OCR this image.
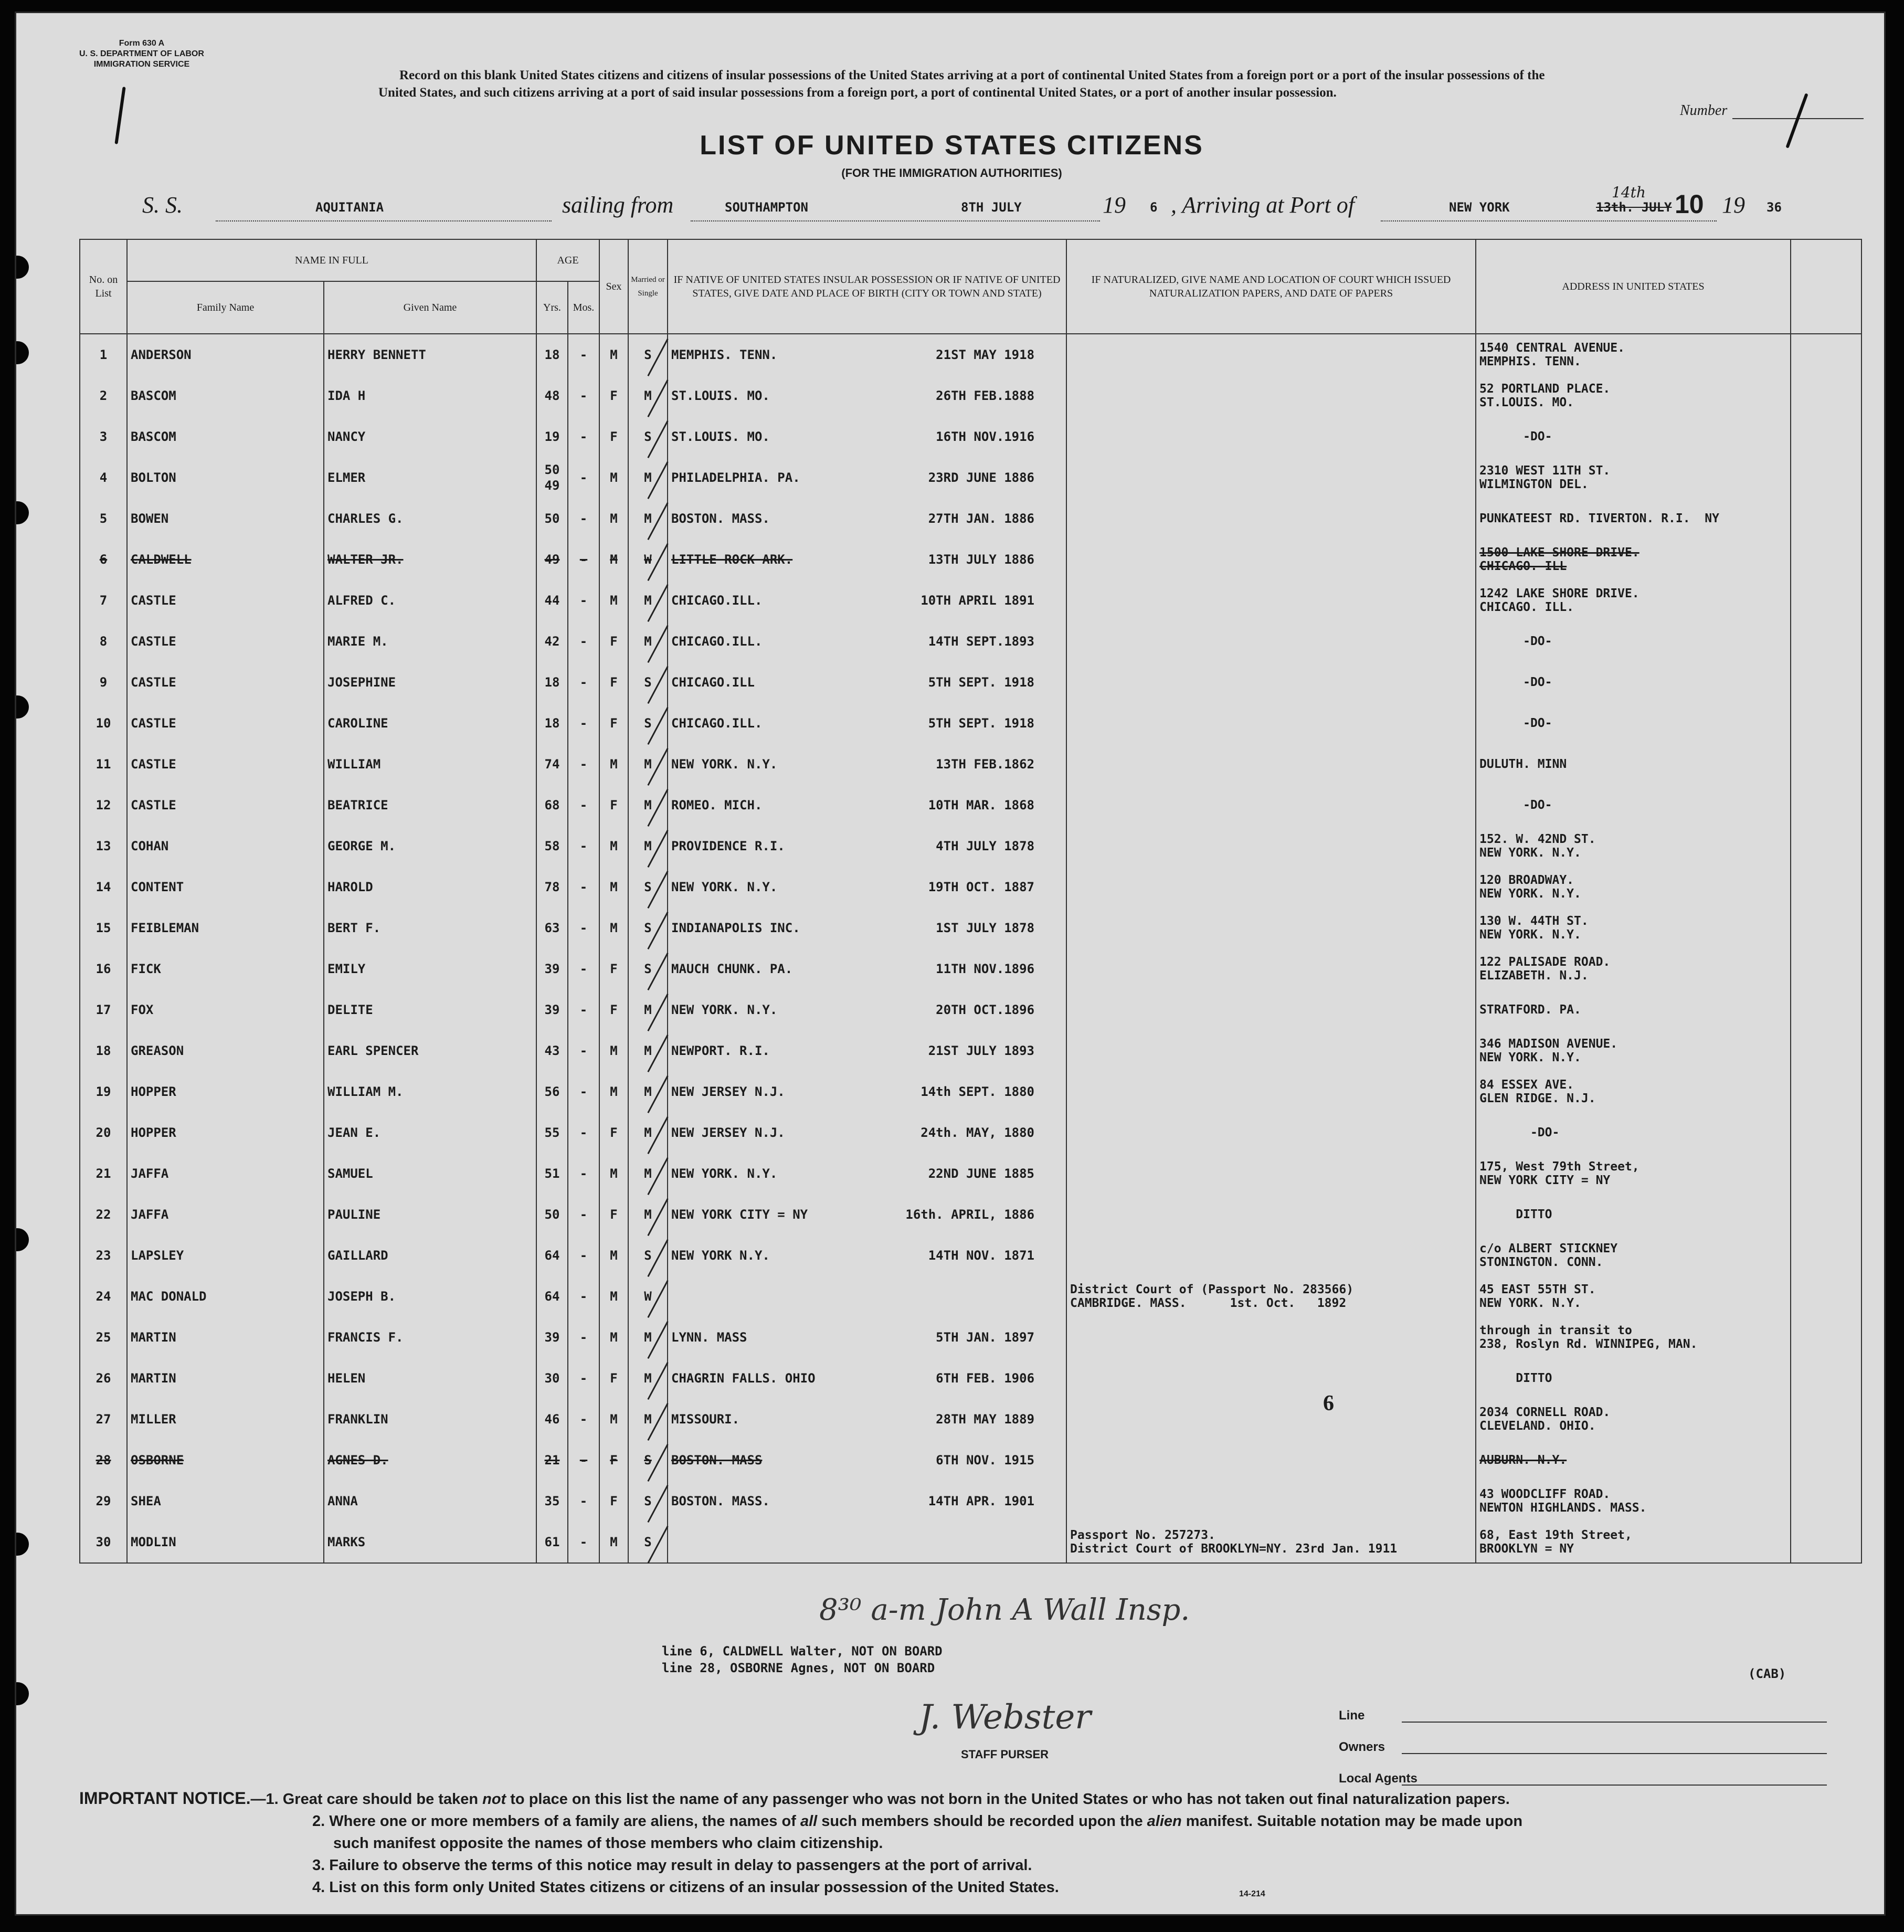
Form 630 A
U. S. DEPARTMENT OF LABOR
IMMIGRATION SERVICE
Record on this blank United States citizens and citizens of insular possessions of the United States arriving at a port of continental United States from a foreign port or a port of the insular possessions of the United States, and such citizens arriving at a port of said insular possessions from a foreign port, a port of continental United States, or a port of another insular possession.
Number
LIST OF UNITED STATES CITIZENS
(FOR THE IMMIGRATION AUTHORITIES)
S. S.	AQUITANIA	sailing from	SOUTHAMPTON	8TH JULY	19 6 , Arriving at Port of	NEW YORK	13th. JULY
14th 10 19 36
No. on List	NAME IN FULL		AGE		Sex	Married or Single	IF NATIVE OF UNITED STATES INSULAR POSSESSION OR IF NATIVE OF UNITED STATES, GIVE DATE AND PLACE OF BIRTH (CITY OR TOWN AND STATE)	IF NATURALIZED, GIVE NAME AND LOCATION OF COURT WHICH ISSUED NATURALIZATION PAPERS, AND DATE OF PAPERS	ADDRESS IN UNITED STATES	
	Family Name	Given Name	Yrs.	Mos.						
1	ANDERSON	HERRY BENNETT	18	-	M	S	MEMPHIS. TENN. 21ST MAY 1918		1540 CENTRAL AVENUE.
MEMPHIS. TENN.	
2	BASCOM	IDA H	48	-	F	M	ST.LOUIS. MO. 26TH FEB.1888		52 PORTLAND PLACE.
ST.LOUIS. MO.	
3	BASCOM	NANCY	19	-	F	S	ST.LOUIS. MO. 16TH NOV.1916		-DO-	
4	BOLTON	ELMER	50
49	-	M	M	PHILADELPHIA. PA. 23RD JUNE 1886		2310 WEST 11TH ST.
WILMINGTON DEL.	
5	BOWEN	CHARLES G.	50	-	M	M	BOSTON. MASS. 27TH JAN. 1886		PUNKATEEST RD. TIVERTON. R.I.  NY	
6	CALDWELL	WALTER JR.	49	-	M	W	LITTLE ROCK ARK. 13TH JULY 1886		1500 LAKE SHORE DRIVE.
CHICAGO. ILL	
7	CASTLE	ALFRED C.	44	-	M	M	CHICAGO.ILL. 10TH APRIL 1891		1242 LAKE SHORE DRIVE.
CHICAGO. ILL.	
8	CASTLE	MARIE M.	42	-	F	M	CHICAGO.ILL. 14TH SEPT.1893		-DO-	
9	CASTLE	JOSEPHINE	18	-	F	S	CHICAGO.ILL 5TH SEPT. 1918		-DO-	
10	CASTLE	CAROLINE	18	-	F	S	CHICAGO.ILL. 5TH SEPT. 1918		-DO-	
11	CASTLE	WILLIAM	74	-	M	M	NEW YORK. N.Y. 13TH FEB.1862		DULUTH. MINN	
12	CASTLE	BEATRICE	68	-	F	M	ROMEO. MICH. 10TH MAR. 1868		-DO-	
13	COHAN	GEORGE M.	58	-	M	M	PROVIDENCE R.I. 4TH JULY 1878		152. W. 42ND ST.
NEW YORK. N.Y.	
14	CONTENT	HAROLD	78	-	M	S	NEW YORK. N.Y. 19TH OCT. 1887		120 BROADWAY.
NEW YORK. N.Y.	
15	FEIBLEMAN	BERT F.	63	-	M	S	INDIANAPOLIS INC. 1ST JULY 1878		130 W. 44TH ST.
NEW YORK. N.Y.	
16	FICK	EMILY	39	-	F	S	MAUCH CHUNK. PA. 11TH NOV.1896		122 PALISADE ROAD.
ELIZABETH. N.J.	
17	FOX	DELITE	39	-	F	M	NEW YORK. N.Y. 20TH OCT.1896		STRATFORD. PA.	
18	GREASON	EARL SPENCER	43	-	M	M	NEWPORT. R.I. 21ST JULY 1893		346 MADISON AVENUE.
NEW YORK. N.Y.	
19	HOPPER	WILLIAM M.	56	-	M	M	NEW JERSEY N.J. 14th SEPT. 1880		84 ESSEX AVE.
GLEN RIDGE. N.J.	
20	HOPPER	JEAN E.	55	-	F	M	NEW JERSEY N.J. 24th. MAY, 1880		-DO-	
21	JAFFA	SAMUEL	51	-	M	M	NEW YORK. N.Y. 22ND JUNE 1885		175, West 79th Street,
NEW YORK CITY = NY	
22	JAFFA	PAULINE	50	-	F	M	NEW YORK CITY = NY 16th. APRIL, 1886		DITTO	
23	LAPSLEY	GAILLARD	64	-	M	S	NEW YORK N.Y. 14TH NOV. 1871		c/o ALBERT STICKNEY
STONINGTON. CONN.	
24	MAC DONALD	JOSEPH B.	64	-	M	W		District Court of (Passport No. 283566)
CAMBRIDGE. MASS.      1st. Oct.   1892	45 EAST 55TH ST.
NEW YORK. N.Y.	
25	MARTIN	FRANCIS F.	39	-	M	M	LYNN. MASS 5TH JAN. 1897		through in transit to
238, Roslyn Rd. WINNIPEG, MAN.	
26	MARTIN	HELEN	30	-	F	M	CHAGRIN FALLS. OHIO 6TH FEB. 1906		DITTO	
27	MILLER	FRANKLIN	46	-	M	M	MISSOURI. 28TH MAY 1889		2034 CORNELL ROAD.
CLEVELAND. OHIO.	
28	OSBORNE	AGNES D.	21	-	F	S	BOSTON. MASS 6TH NOV. 1915		AUBURN. N.Y.	
29	SHEA	ANNA	35	-	F	S	BOSTON. MASS. 14TH APR. 1901		43 WOODCLIFF ROAD.
NEWTON HIGHLANDS. MASS.	
30	MODLIN	MARKS	61	-	M	S		Passport No. 257273.
District Court of BROOKLYN=NY. 23rd Jan. 1911	68, East 19th Street,
BROOKLYN = NY	
6
8³⁰ a-m John A Wall Insp.
line 6, CALDWELL Walter, NOT ON BOARD
line 28, OSBORNE Agnes, NOT ON BOARD	(CAB)
J. Webster
STAFF PURSER
Line
Owners
Local Agents
IMPORTANT NOTICE.—1. Great care should be taken not to place on this list the name of any passenger who was not born in the United States or who has not taken out final naturalization papers.
2. Where one or more members of a family are aliens, the names of all such members should be recorded upon the alien manifest. Suitable notation may be made upon
such manifest opposite the names of those members who claim citizenship.
3. Failure to observe the terms of this notice may result in delay to passengers at the port of arrival.
4. List on this form only United States citizens or citizens of an insular possession of the United States.	14-214
